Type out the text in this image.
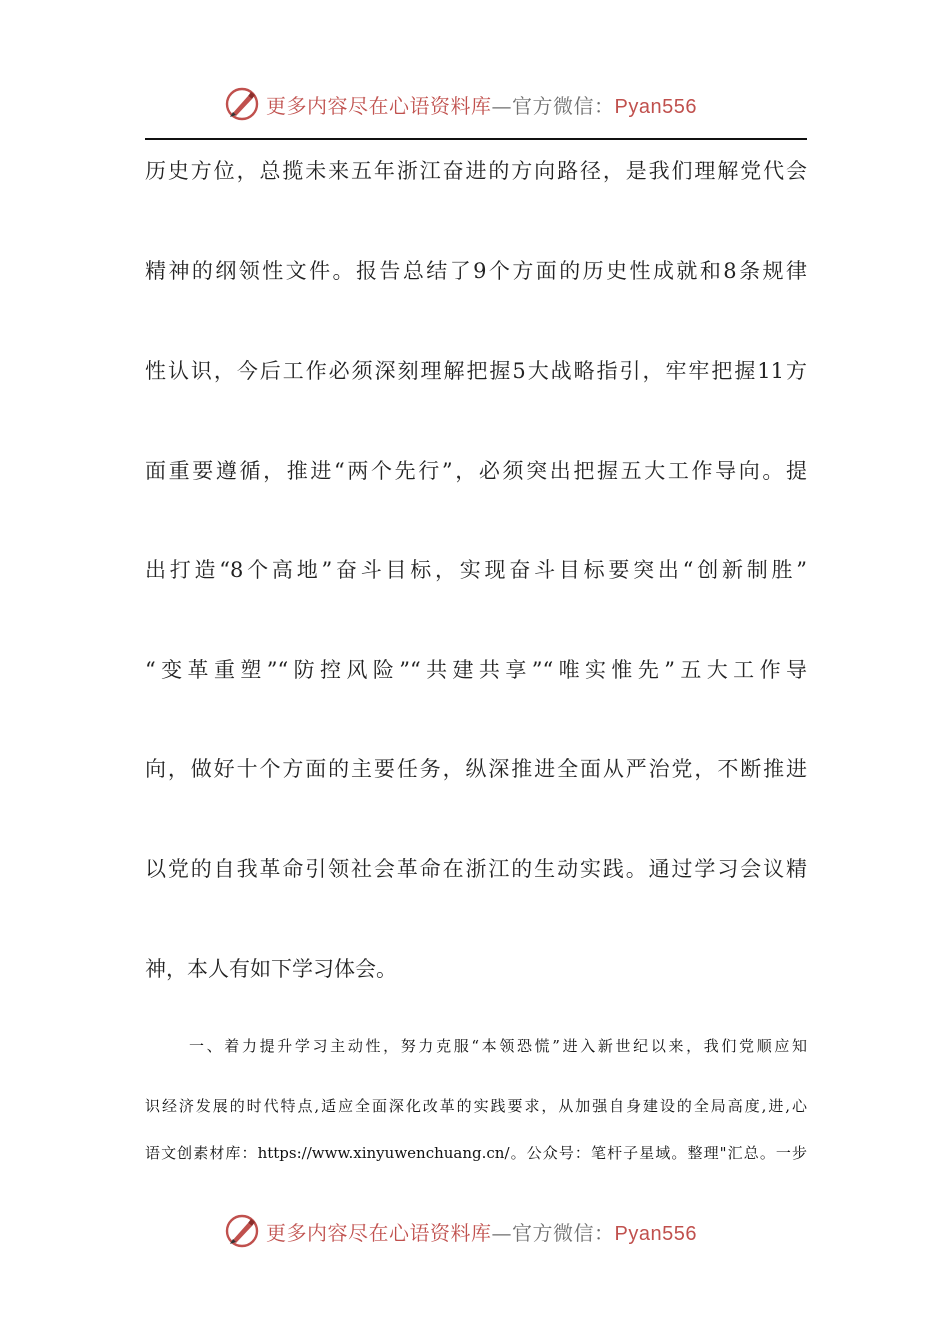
更多内容尽在心语资料库—官方微信：Pyan556
历史方位，总揽未来五年浙江奋进的方向路径，是我们理解党代会
精神的纲领性文件。报告总结了9个方面的历史性成就和8条规律
性认识，今后工作必须深刻理解把握5大战略指引，牢牢把握11方
面重要遵循，推进“两个先行”，必须突出把握五大工作导向。提
出打造“8个高地”奋斗目标，实现奋斗目标要突出“创新制胜”
“变革重塑”“防控风险”“共建共享”“唯实惟先”五大工作导
向，做好十个方面的主要任务，纵深推进全面从严治党，不断推进
以党的自我革命引领社会革命在浙江的生动实践。通过学习会议精
神，本人有如下学习体会。
一、着力提升学习主动性，努力克服“本领恐慌”进入新世纪以来，我们党顺应知
识经济发展的时代特点,适应全面深化改革的实践要求，从加强自身建设的全局高度,进,心
语文创素材库：https://www.xinyuwenchuang.cn/。公众号：笔杆子星域。整理"汇总。一步
更多内容尽在心语资料库—官方微信：Pyan556
